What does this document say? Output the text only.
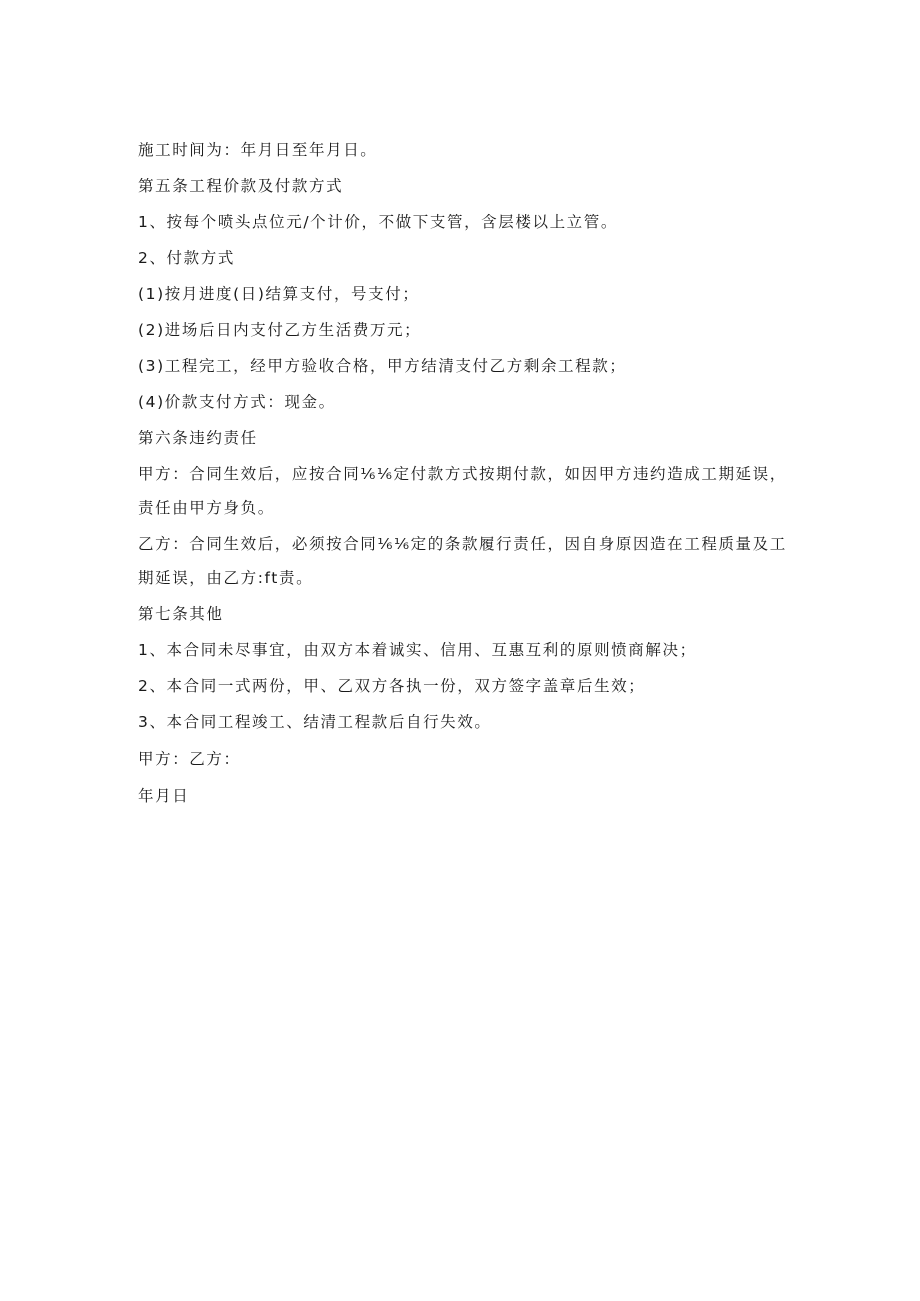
施工时间为：年月日至年月日。
第五条工程价款及付款方式
1、按每个喷头点位元/个计价，不做下支管，含层楼以上立管。
2、付款方式
(1)按月进度(日)结算支付，号支付；
(2)进场后日内支付乙方生活费万元；
(3)工程完工，经甲方验收合格，甲方结清支付乙方剩余工程款；
(4)价款支付方式：现金。
第六条违约责任
甲方：合同生效后，应按合同⅙⅙定付款方式按期付款，如因甲方违约造成工期延误，
责任由甲方身负。
乙方：合同生效后，必须按合同⅙⅙定的条款履行责任，因自身原因造在工程质量及工
期延误，由乙方:ft责。
第七条其他
1、本合同未尽事宜，由双方本着诚实、信用、互惠互利的原则愤商解决；
2、本合同一式两份，甲、乙双方各执一份，双方签字盖章后生效；
3、本合同工程竣工、结清工程款后自行失效。
甲方：乙方：
年月日
